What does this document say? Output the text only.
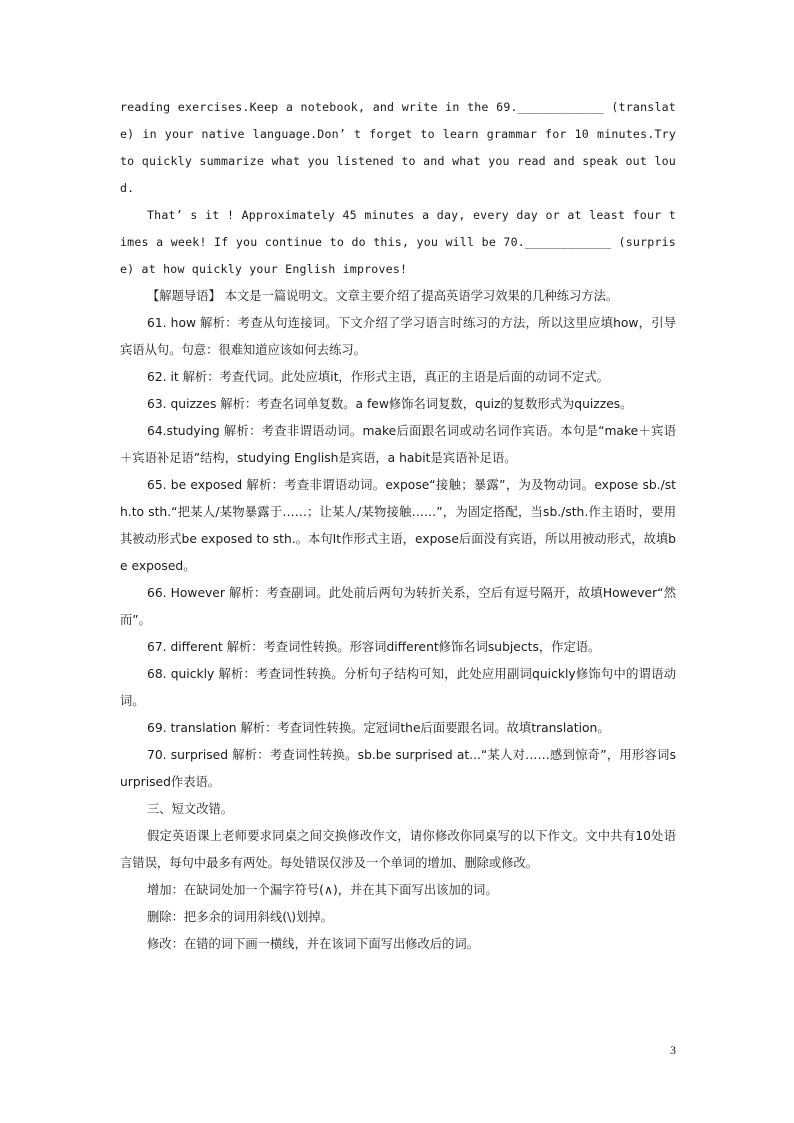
reading exercises.Keep a notebook, and write in the 69.____________ (translate) in your native language.Don’ t forget to learn grammar for 10 minutes.Try to quickly summarize what you listened to and what you read and speak out loud.

That’ s it ! Approximately 45 minutes a day, every day or at least four times a week! If you continue to do this, you will be 70.____________ (surprise) at how quickly your English improves!

【解题导语】 本文是一篇说明文。文章主要介绍了提高英语学习效果的几种练习方法。

61. how 解析：考查从句连接词。下文介绍了学习语言时练习的方法，所以这里应填how，引导宾语从句。句意：很难知道应该如何去练习。

62. it 解析：考查代词。此处应填it，作形式主语，真正的主语是后面的动词不定式。

63. quizzes 解析：考查名词单复数。a few修饰名词复数，quiz的复数形式为quizzes。

64.studying 解析：考查非谓语动词。make后面跟名词或动名词作宾语。本句是“make＋宾语＋宾语补足语”结构，studying English是宾语，a habit是宾语补足语。

65. be exposed 解析：考查非谓语动词。expose“接触；暴露”，为及物动词。expose sb./sth.to sth.“把某人/某物暴露于……；让某人/某物接触……”，为固定搭配，当sb./sth.作主语时，要用其被动形式be exposed to sth.。本句It作形式主语，expose后面没有宾语，所以用被动形式，故填be exposed。

66. However 解析：考查副词。此处前后两句为转折关系，空后有逗号隔开，故填However“然而”。

67. different 解析：考查词性转换。形容词different修饰名词subjects，作定语。

68. quickly 解析：考查词性转换。分析句子结构可知，此处应用副词quickly修饰句中的谓语动词。

69. translation 解析：考查词性转换。定冠词the后面要跟名词。故填translation。

70. surprised 解析：考查词性转换。sb.be surprised at...“某人对……感到惊奇”，用形容词surprised作表语。

三、短文改错。

假定英语课上老师要求同桌之间交换修改作文，请你修改你同桌写的以下作文。文中共有10处语言错误，每句中最多有两处。每处错误仅涉及一个单词的增加、删除或修改。

增加：在缺词处加一个漏字符号(∧)，并在其下面写出该加的词。

删除：把多余的词用斜线(\)划掉。

修改：在错的词下画一横线，并在该词下面写出修改后的词。

3
